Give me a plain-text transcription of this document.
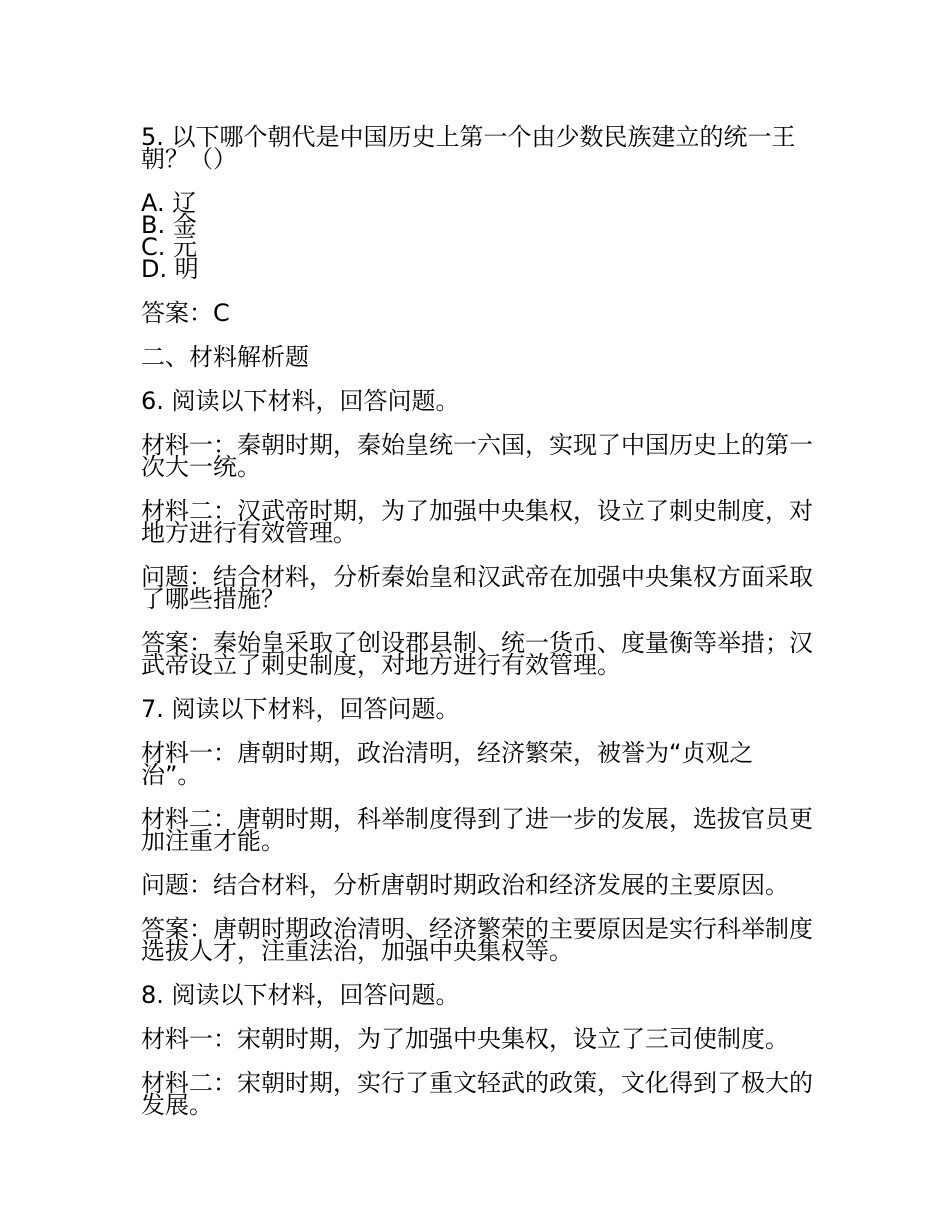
5. 以下哪个朝代是中国历史上第一个由少数民族建立的统一王朝？（）

A. 辽
B. 金
C. 元
D. 明

答案：C

二、材料解析题

6. 阅读以下材料，回答问题。

材料一：秦朝时期，秦始皇统一六国，实现了中国历史上的第一次大一统。

材料二：汉武帝时期，为了加强中央集权，设立了刺史制度，对地方进行有效管理。

问题：结合材料，分析秦始皇和汉武帝在加强中央集权方面采取了哪些措施？

答案：秦始皇采取了创设郡县制、统一货币、度量衡等举措；汉武帝设立了刺史制度，对地方进行有效管理。

7. 阅读以下材料，回答问题。

材料一：唐朝时期，政治清明，经济繁荣，被誉为“贞观之治”。

材料二：唐朝时期，科举制度得到了进一步的发展，选拔官员更加注重才能。

问题：结合材料，分析唐朝时期政治和经济发展的主要原因。

答案：唐朝时期政治清明、经济繁荣的主要原因是实行科举制度选拔人才，注重法治，加强中央集权等。

8. 阅读以下材料，回答问题。

材料一：宋朝时期，为了加强中央集权，设立了三司使制度。

材料二：宋朝时期，实行了重文轻武的政策，文化得到了极大的发展。
